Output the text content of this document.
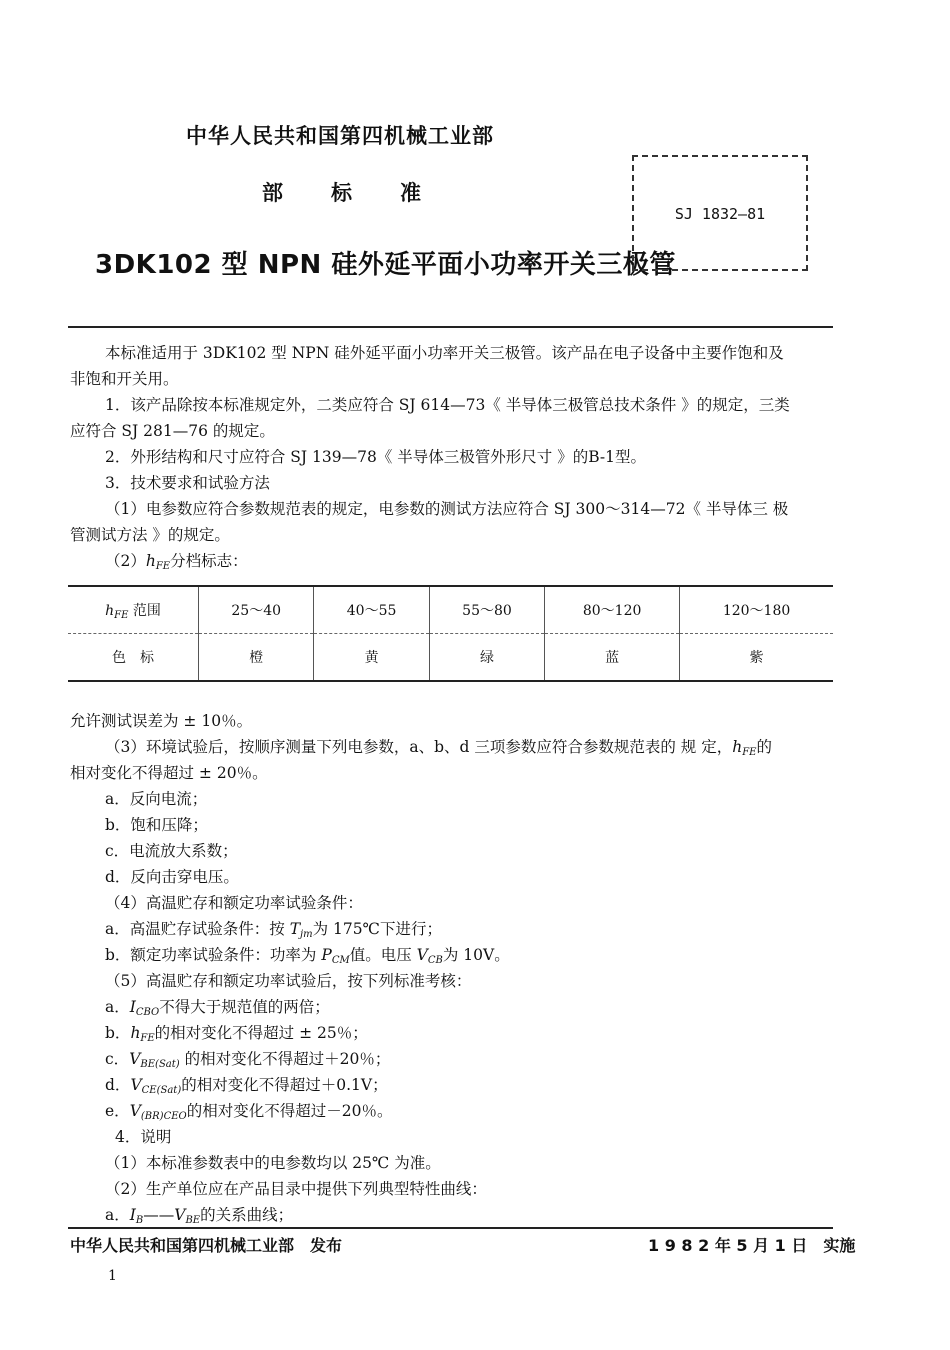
中华人民共和国第四机械工业部
部 标 准
3DK102 型 NPN 硅外延平面小功率开关三极管
SJ 1832—81
本标准适用于 3DK102 型 NPN 硅外延平面小功率开关三极管。该产品在电子设备中主要作饱和及
非饱和开关用。
1．该产品除按本标准规定外，二类应符合 SJ 614—73《 半导体三极管总技术条件 》的规定，三类
应符合 SJ 281—76 的规定。
2．外形结构和尺寸应符合 SJ 139—78《 半导体三极管外形尺寸 》的B-1型。
3．技术要求和试验方法
（1）电参数应符合参数规范表的规定，电参数的测试方法应符合 SJ 300～314—72《 半导体三 极
管测试方法 》的规定。
$(2)h_{FE}$分档标志：
$h_{FE}$ 范围	25～40	40～55	55～80	80～120	120～180
色　标	橙	黄	绿	蓝	紫
允许测试误差为 ± 10％。
（3）环境试验后，按顺序测量下列电参数，a、b、d 三项参数应符合参数规范表的 规 定，$h_{FE}$的
相对变化不得超过 ± 20％。
a．反向电流；
b．饱和压降；
c．电流放大系数；
d．反向击穿电压。
（4）高温贮存和额定功率试验条件：
a．高温贮存试验条件：按 $T_{jm}$为 175℃下进行；
b．额定功率试验条件：功率为 $P_{CM}$值。电压 $V_{CB}$为 10V。
（5）高温贮存和额定功率试验后，按下列标准考核：
a．$I_{CBO}$不得大于规范值的两倍；
b．$h_{FE}$的相对变化不得超过 ± 25％；
c．$V_{BE(Sat)}$ 的相对变化不得超过＋20％；
d．$V_{CE(Sat)}$的相对变化不得超过＋0.1V；
e．$V_{(BR)CEO}$的相对变化不得超过－20％。
4．说明
（1）本标准参数表中的电参数均以 25℃ 为准。
（2）生产单位应在产品目录中提供下列典型特性曲线：
a．$I_B——V_{BE}$的关系曲线；
中华人民共和国第四机械工业部　发布	1 9 8 2 年 5 月 1 日　实施
1
